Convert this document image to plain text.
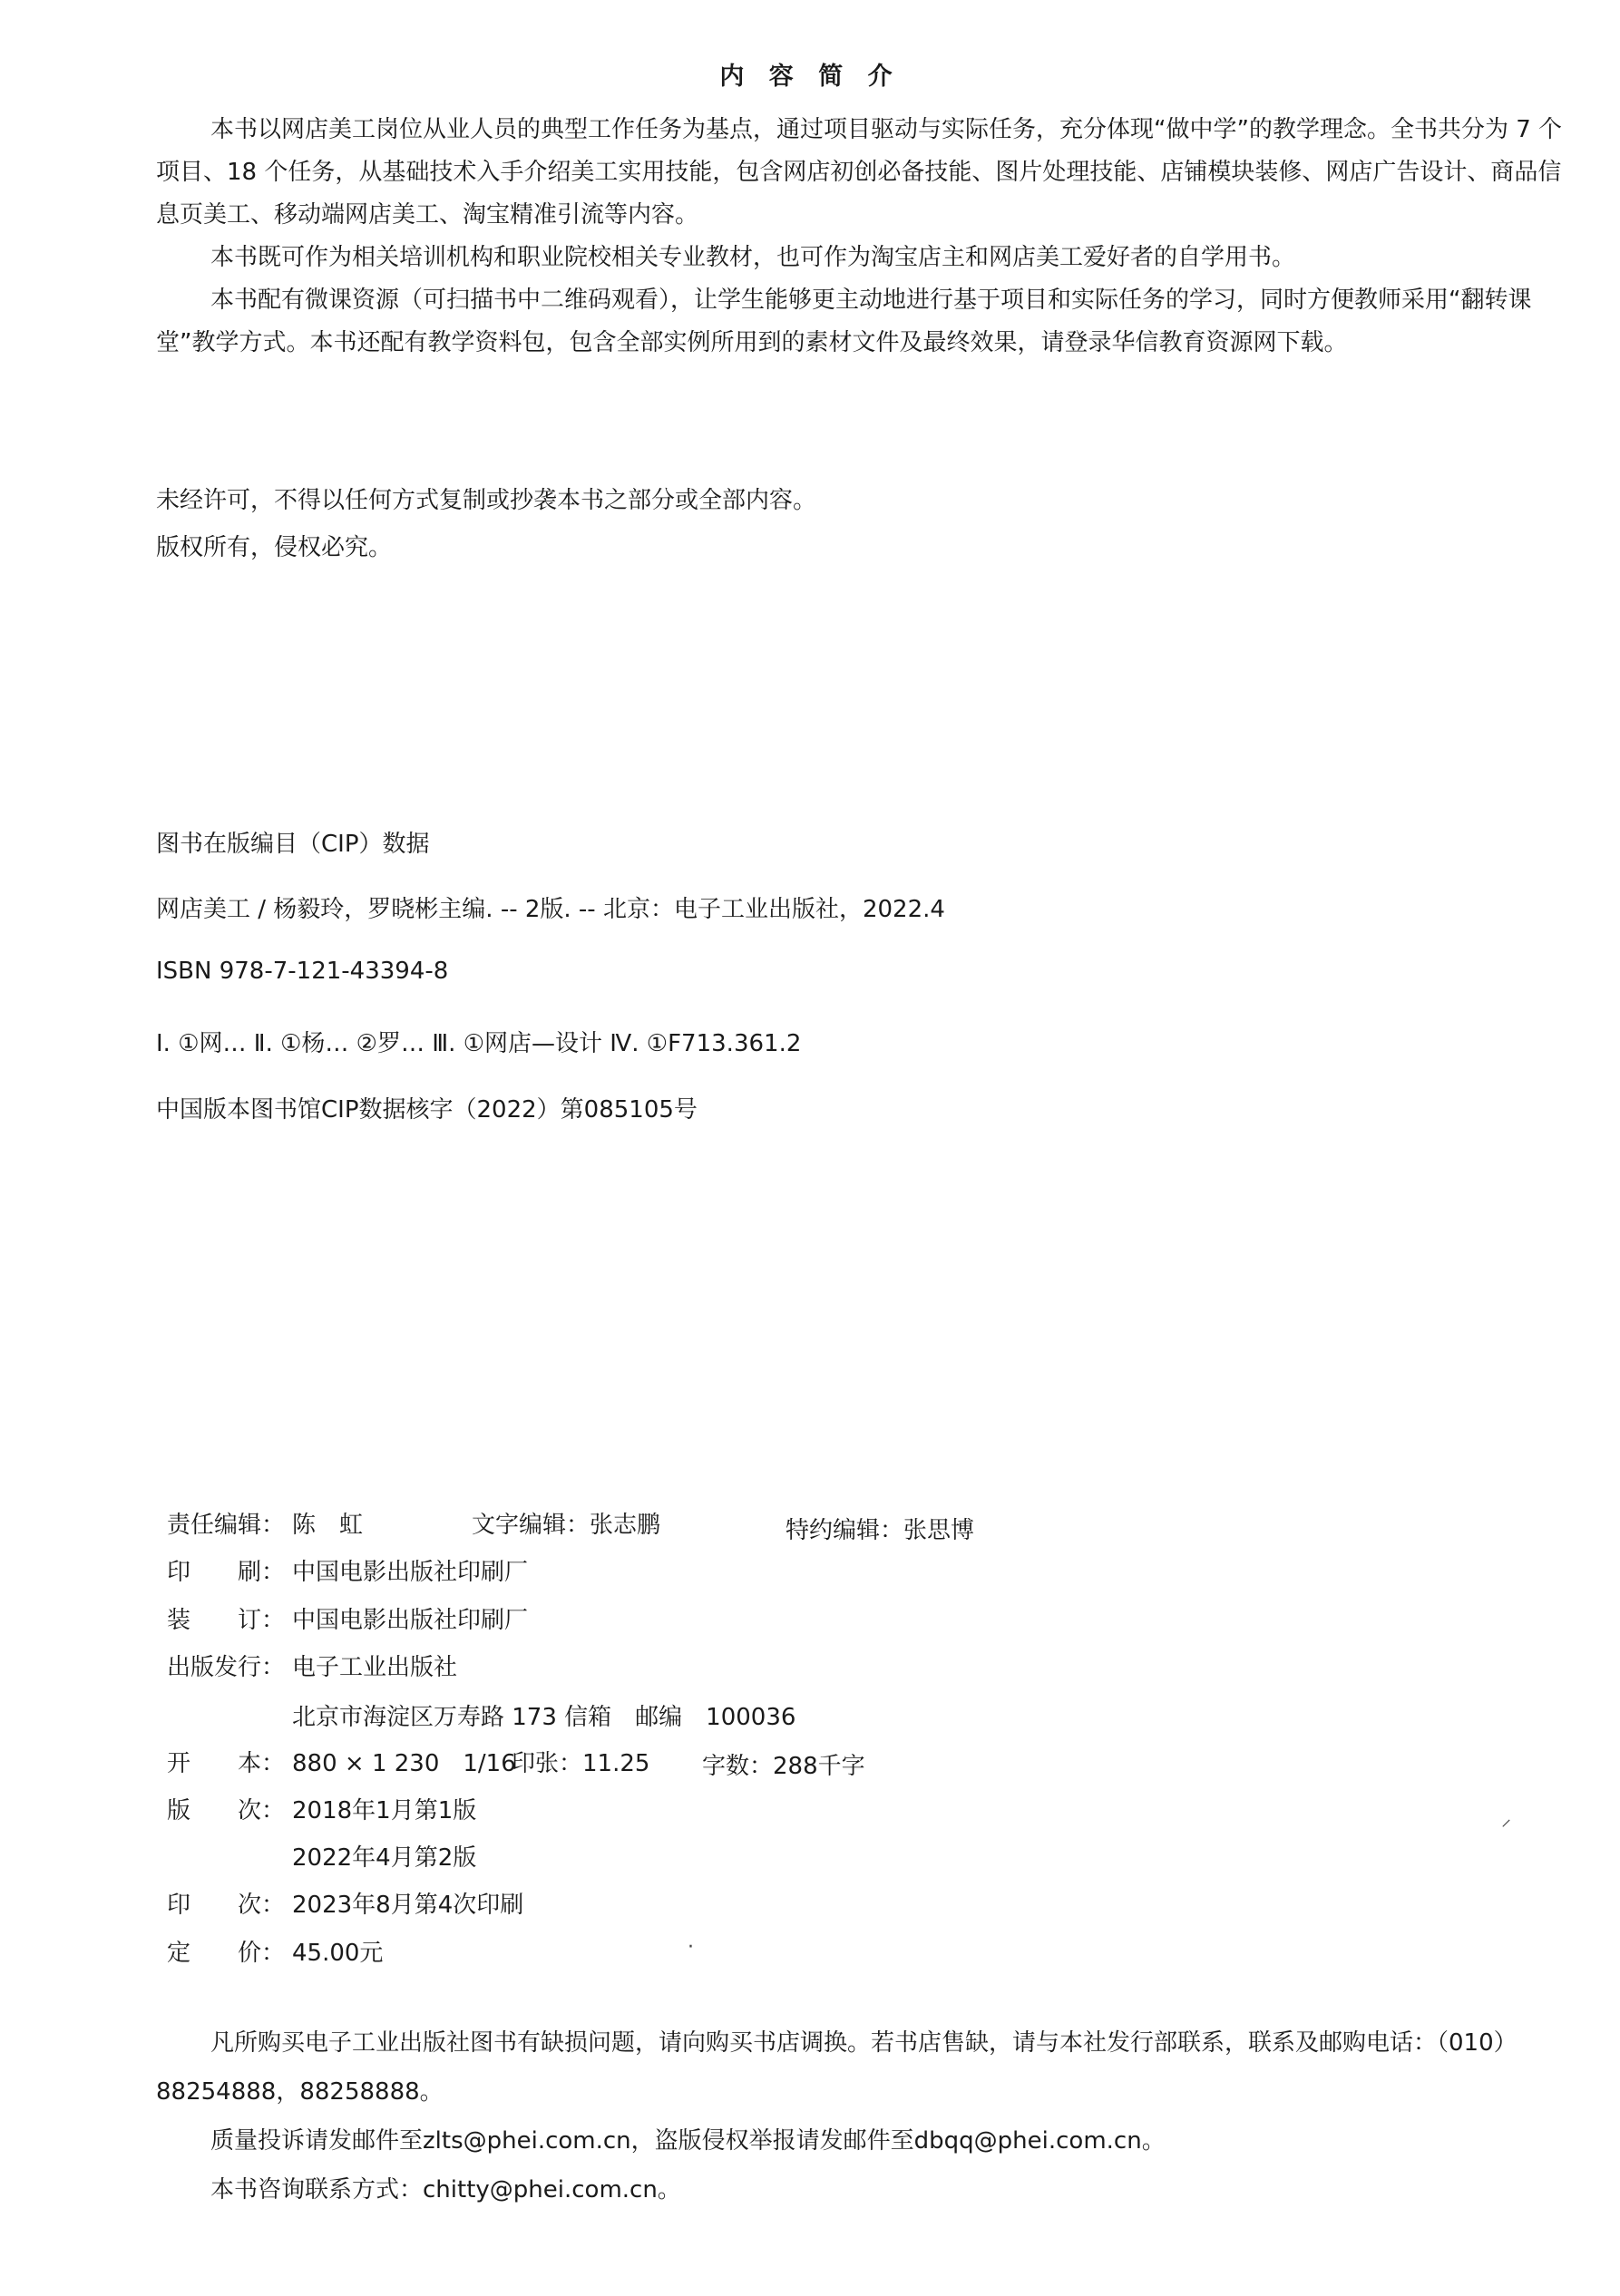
内 容 简 介

本书以网店美工岗位从业人员的典型工作任务为基点，通过项目驱动与实际任务，充分体现“做中学”的教学理念。全书共分为 7 个项目、18 个任务，从基础技术入手介绍美工实用技能，包含网店初创必备技能、图片处理技能、店铺模块装修、网店广告设计、商品信息页美工、移动端网店美工、淘宝精准引流等内容。

本书既可作为相关培训机构和职业院校相关专业教材，也可作为淘宝店主和网店美工爱好者的自学用书。

本书配有微课资源（可扫描书中二维码观看），让学生能够更主动地进行基于项目和实际任务的学习，同时方便教师采用“翻转课堂”教学方式。本书还配有教学资料包，包含全部实例所用到的素材文件及最终效果，请登录华信教育资源网下载。

未经许可，不得以任何方式复制或抄袭本书之部分或全部内容。

版权所有，侵权必究。

图书在版编目（CIP）数据
网店美工 / 杨毅玲，罗晓彬主编. -- 2版. -- 北京：电子工业出版社，2022.4
ISBN 978-7-121-43394-8
Ⅰ. ①网… Ⅱ. ①杨… ②罗… Ⅲ. ①网店—设计 Ⅳ. ①F713.361.2
中国版本图书馆CIP数据核字（2022）第085105号
责任编辑： 陈　虹	文字编辑：张志鹏	特约编辑：张思博
印　　刷： 中国电影出版社印刷厂
装　　订： 中国电影出版社印刷厂
出版发行： 电子工业出版社
北京市海淀区万寿路 173 信箱　邮编　100036
开　　本： 880 × 1 230　1/16
印张：11.25 字数：288千字
版　　次： 2018年1月第1版
2022年4月第2版
印　　次： 2023年8月第4次印刷
定　　价： 45.00元

凡所购买电子工业出版社图书有缺损问题，请向购买书店调换。若书店售缺，请与本社发行部联系，联系及邮购电话：（010）88254888，88258888。

质量投诉请发邮件至zlts@phei.com.cn，盗版侵权举报请发邮件至dbqq@phei.com.cn。

本书咨询联系方式：chitty@phei.com.cn。

⸝
·
